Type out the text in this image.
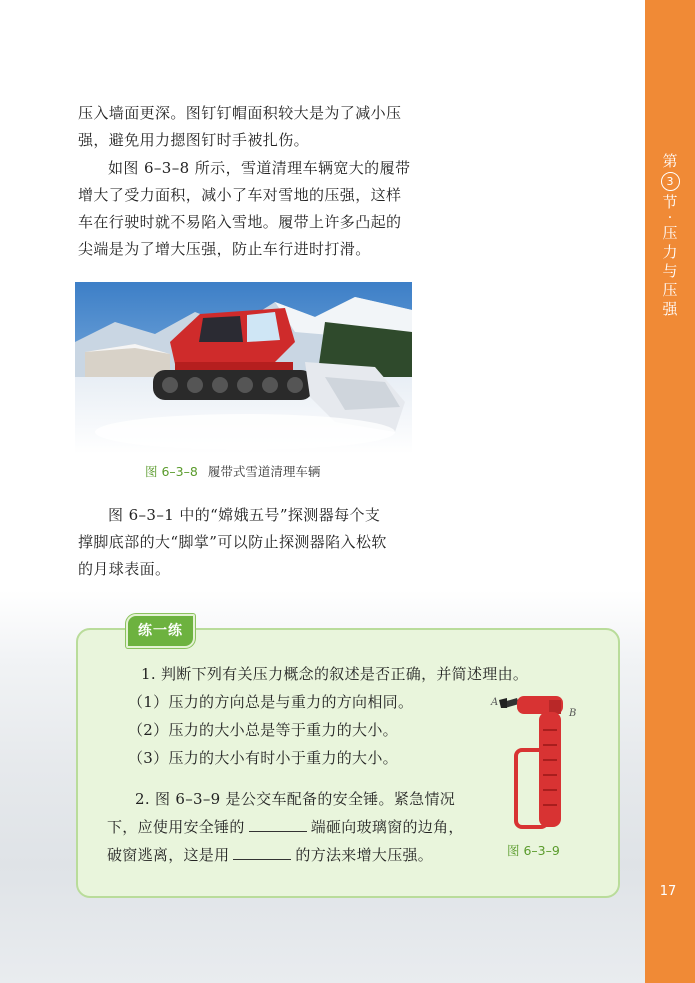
第
3
节
·
压
力
与
压
强
17

压入墙面更深。图钉钉帽面积较大是为了减小压
强，避免用力摁图钉时手被扎伤。

如图 6–3–8 所示，雪道清理车辆宽大的履带
增大了受力面积，减小了车对雪地的压强，这样
车在行驶时就不易陷入雪地。履带上许多凸起的
尖端是为了增大压强，防止车行进时打滑。

图 6–3–8 履带式雪道清理车辆

图 6–3–1 中的“嫦娥五号”探测器每个支
撑脚底部的大“脚掌”可以防止探测器陷入松软
的月球表面。

练一练
1. 判断下列有关压力概念的叙述是否正确，并简述理由。
（1）压力的方向总是与重力的方向相同。
（2）压力的大小总是等于重力的大小。
（3）压力的大小有时小于重力的大小。
2. 图 6–3–9 是公交车配备的安全锤。紧急情况
下，应使用安全锤的	端砸向玻璃窗的边角，
破窗逃离，这是用	的方法来增大压强。
A
B
图 6–3–9
